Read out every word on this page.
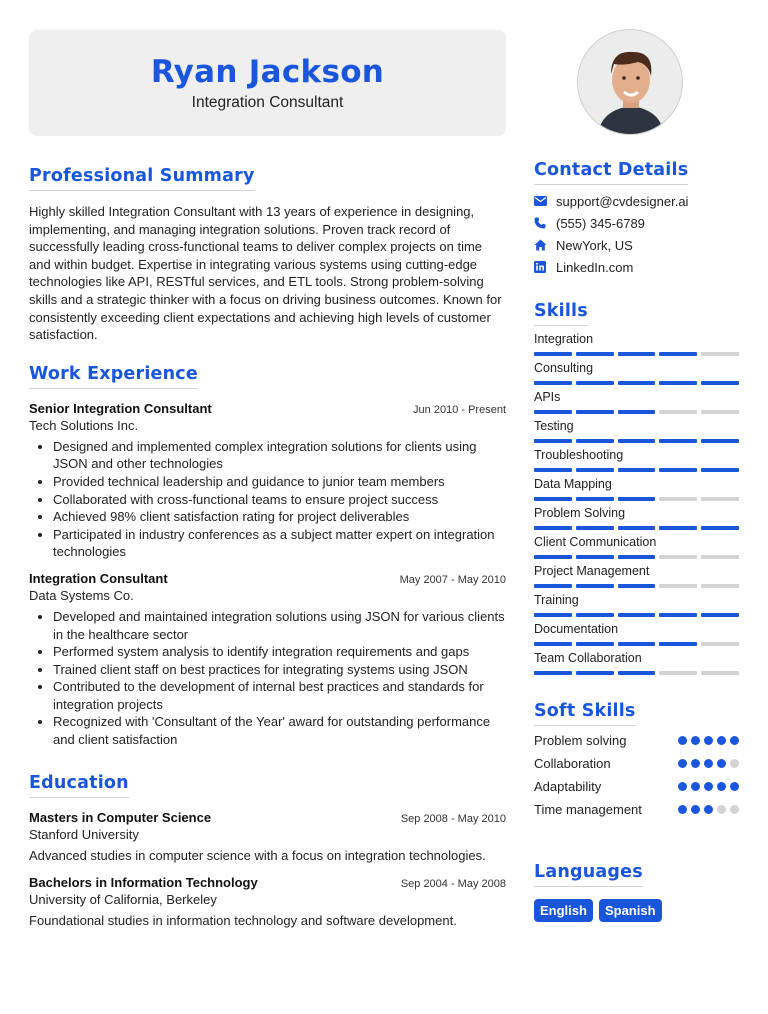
Ryan Jackson
Integration Consultant
Professional Summary

Highly skilled Integration Consultant with 13 years of experience in designing, implementing, and managing integration solutions. Proven track record of successfully leading cross-functional teams to deliver complex projects on time and within budget. Expertise in integrating various systems using cutting-edge technologies like API, RESTful services, and ETL tools. Strong problem-solving skills and a strategic thinker with a focus on driving business outcomes. Known for consistently exceeding client expectations and achieving high levels of customer satisfaction.

Work Experience
Senior Integration Consultant	Jun 2010 - Present
Tech Solutions Inc.
• Designed and implemented complex integration solutions for clients using JSON and other technologies
• Provided technical leadership and guidance to junior team members
• Collaborated with cross-functional teams to ensure project success
• Achieved 98% client satisfaction rating for project deliverables
• Participated in industry conferences as a subject matter expert on integration technologies
Integration Consultant	May 2007 - May 2010
Data Systems Co.
• Developed and maintained integration solutions using JSON for various clients in the healthcare sector
• Performed system analysis to identify integration requirements and gaps
• Trained client staff on best practices for integrating systems using JSON
• Contributed to the development of internal best practices and standards for integration projects
• Recognized with 'Consultant of the Year' award for outstanding performance and client satisfaction
Education
Masters in Computer Science	Sep 2008 - May 2010
Stanford University
Advanced studies in computer science with a focus on integration technologies.
Bachelors in Information Technology	Sep 2004 - May 2008
University of California, Berkeley
Foundational studies in information technology and software development.
Contact Details
support@cvdesigner.ai
(555) 345-6789
NewYork, US
LinkedIn.com
Skills
Integration
Consulting
APIs
Testing
Troubleshooting
Data Mapping
Problem Solving
Client Communication
Project Management
Training
Documentation
Team Collaboration
Soft Skills
Problem solving
Collaboration
Adaptability
Time management
Languages
English	Spanish
